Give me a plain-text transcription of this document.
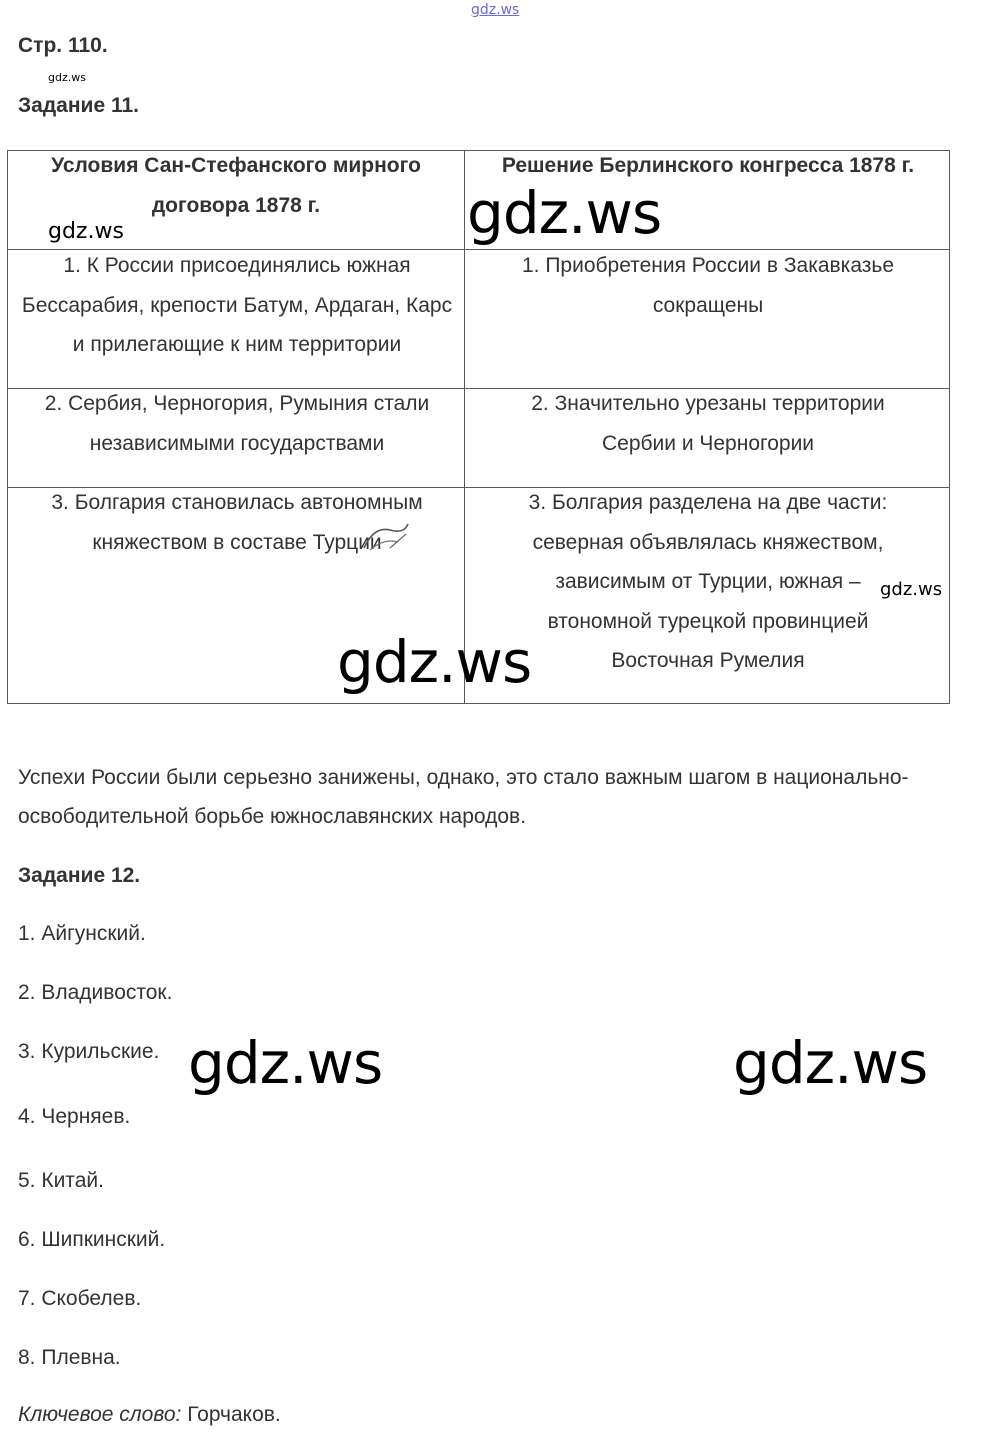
gdz.ws
Стр. 110.
gdz.ws
Задание 11.
Условия Сан-Стефанского мирного договора 1878 г.
Решение Берлинского конгресса 1878 г.
1. К России присоединялись южная Бессарабия, крепости Батум, Ардаган, Карс и прилегающие к ним территории
1. Приобретения России в Закавказье сокращены
2. Сербия, Черногория, Румыния стали независимыми государствами
2. Значительно урезаны территории Сербии и Черногории
3. Болгария становилась автономным княжеством в составе Турции
3. Болгария разделена на две части: северная объявлялась княжеством, зависимым от Турции, южная – втономной турецкой провинцией Восточная Румелия
gdz.ws	gdz.ws
gdz.ws
gdz.ws
Успехи России были серьезно занижены, однако, это стало важным шагом в национально-освободительной борьбе южнославянских народов.
Задание 12.
1. Айгунский.
2. Владивосток.
3. Курильские.
4. Черняев.
5. Китай.
6. Шипкинский.
7. Скобелев.
8. Плевна.
gdz.ws	gdz.ws
Ключевое слово: Горчаков.
